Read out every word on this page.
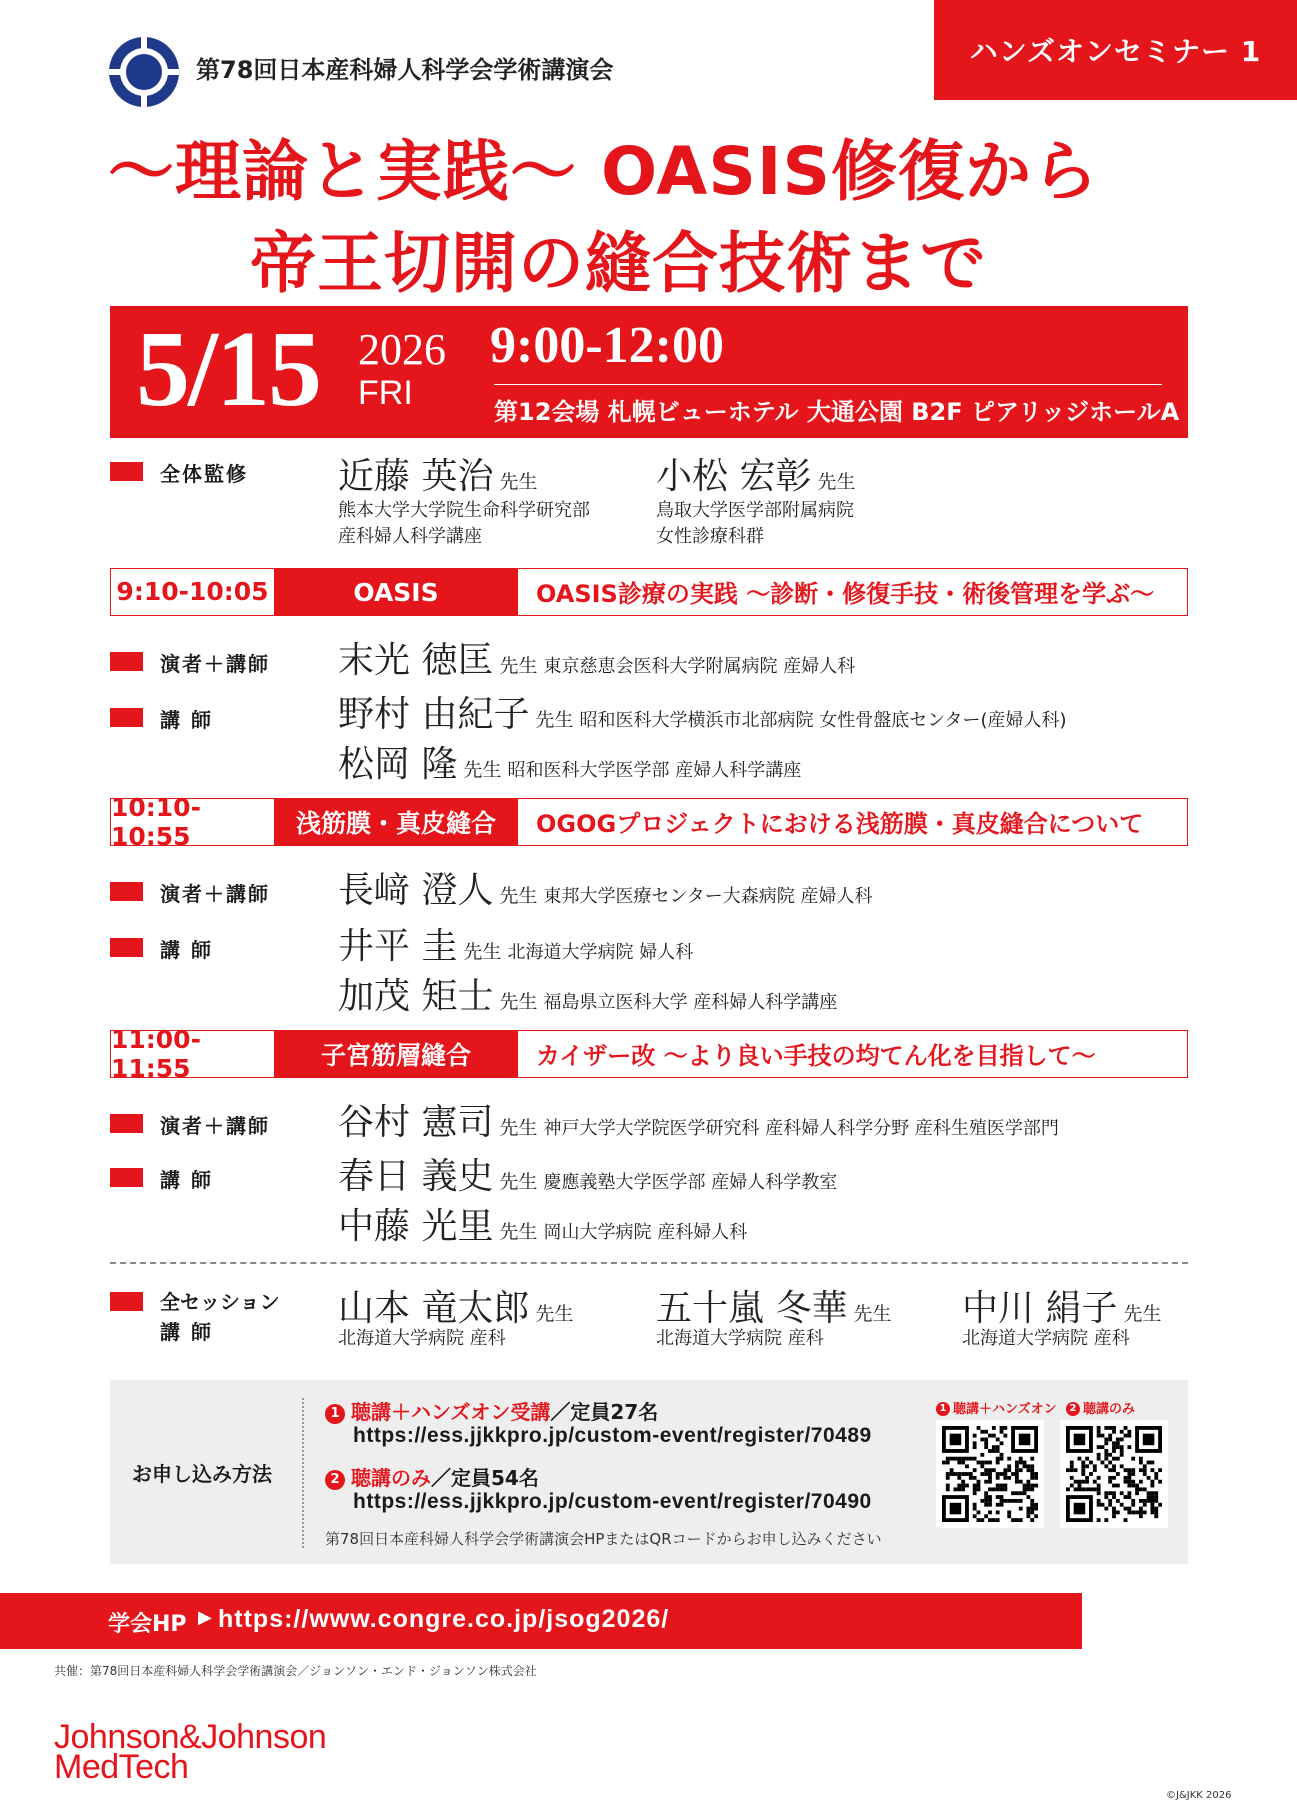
第78回日本産科婦人科学会学術講演会
ハンズオンセミナー 1
～理論と実践～ OASIS修復から
帝王切開の縫合技術まで
5/15 2026
FRI
9:00-12:00
第12会場 札幌ビューホテル 大通公園 B2F ピアリッジホールA
全体監修	近藤 英治 先生
熊本大学大学院生命科学研究部
産科婦人科学講座
小松 宏彰 先生
鳥取大学医学部附属病院
女性診療科群
9:10-10:05	OASIS	OASIS診療の実践 ～診断・修復手技・術後管理を学ぶ～
演者＋講師 末光 徳匡 先生 東京慈恵会医科大学附属病院 産婦人科
講 師	野村 由紀子 先生 昭和医科大学横浜市北部病院 女性骨盤底センター(産婦人科)
松岡 隆 先生 昭和医科大学医学部 産婦人科学講座
10:10-10:55	浅筋膜・真皮縫合	OGOGプロジェクトにおける浅筋膜・真皮縫合について
演者＋講師 長﨑 澄人 先生 東邦大学医療センター大森病院 産婦人科
講 師	井平 圭 先生 北海道大学病院 婦人科
加茂 矩士 先生 福島県立医科大学 産科婦人科学講座
11:00-11:55	子宮筋層縫合	カイザー改 ～より良い手技の均てん化を目指して～
演者＋講師 谷村 憲司 先生 神戸大学大学院医学研究科 産科婦人科学分野 産科生殖医学部門
講 師	春日 義史 先生 慶應義塾大学医学部 産婦人科学教室
中藤 光里 先生 岡山大学病院 産科婦人科
全セッション
講 師
山本 竜太郎 先生
北海道大学病院 産科
五十嵐 冬華 先生
北海道大学病院 産科
中川 絹子 先生
北海道大学病院 産科
お申し込み方法
1 聴講＋ハンズオン受講／定員27名
https://ess.jjkkpro.jp/custom-event/register/70489
2 聴講のみ／定員54名
https://ess.jjkkpro.jp/custom-event/register/70490
第78回日本産科婦人科学会学術講演会HPまたはQRコードからお申し込みください
1 聴講＋ハンズオン	2 聴講のみ
学会HP ▶ https://www.congre.co.jp/jsog2026/
共催：第78回日本産科婦人科学会学術講演会／ジョンソン・エンド・ジョンソン株式会社
Johnson&Johnson
MedTech
©J&JKK 2026
